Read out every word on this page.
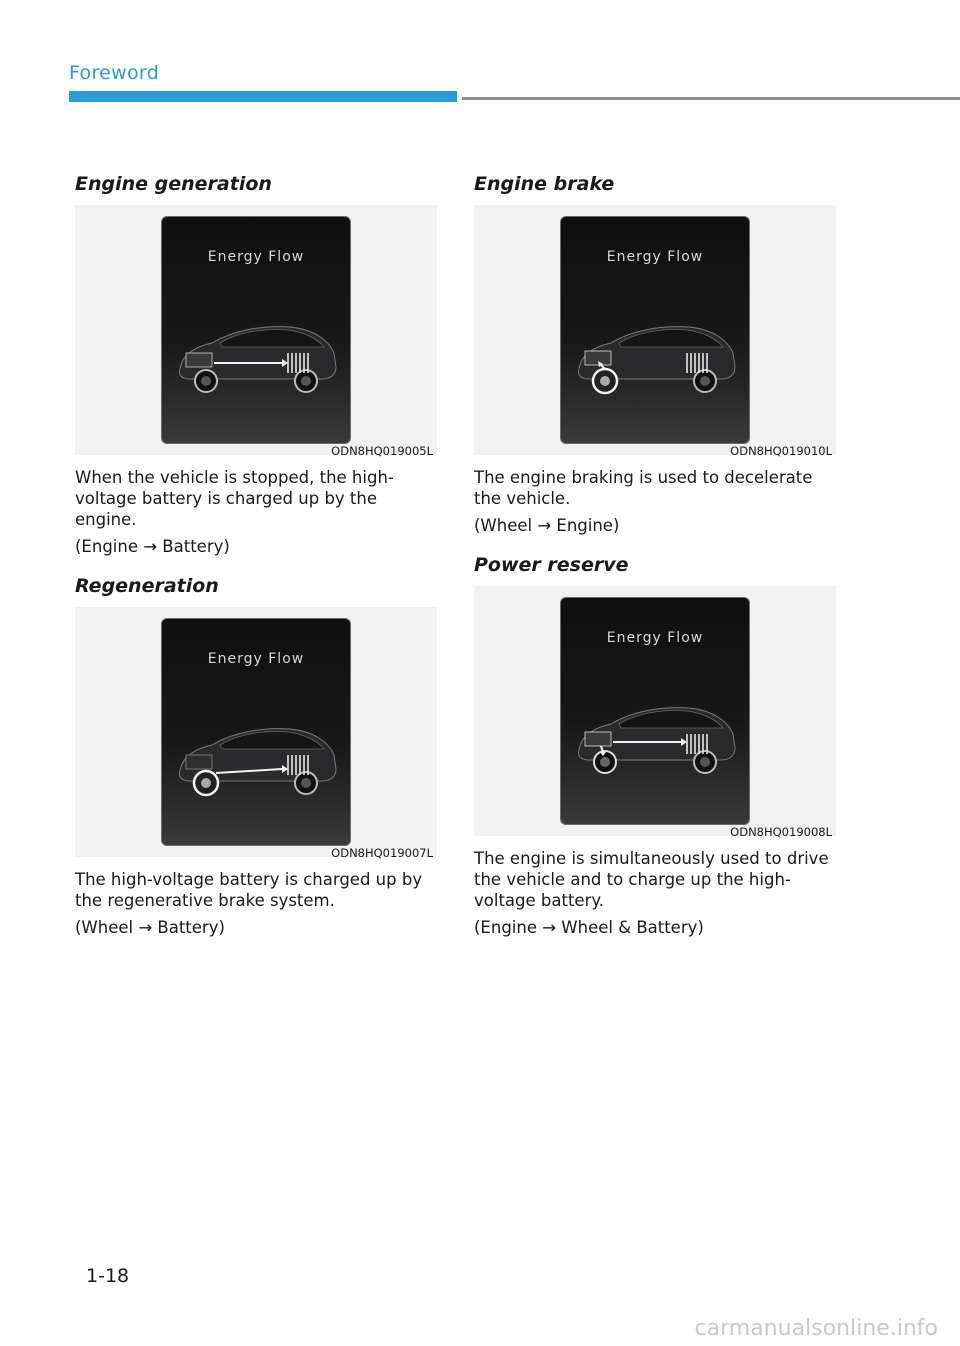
Foreword
Engine generation
Energy Flow
ODN8HQ019005L

When the vehicle is stopped, the high-voltage battery is charged up by the engine.

(Engine → Battery)

Regeneration
Energy Flow
ODN8HQ019007L

The high-voltage battery is charged up by the regenerative brake system.

(Wheel → Battery)

Engine brake
Energy Flow
ODN8HQ019010L

The engine braking is used to decelerate the vehicle.

(Wheel → Engine)

Power reserve
Energy Flow
ODN8HQ019008L

The engine is simultaneously used to drive the vehicle and to charge up the high-voltage battery.

(Engine → Wheel & Battery)

1-18
carmanualsonline.info
